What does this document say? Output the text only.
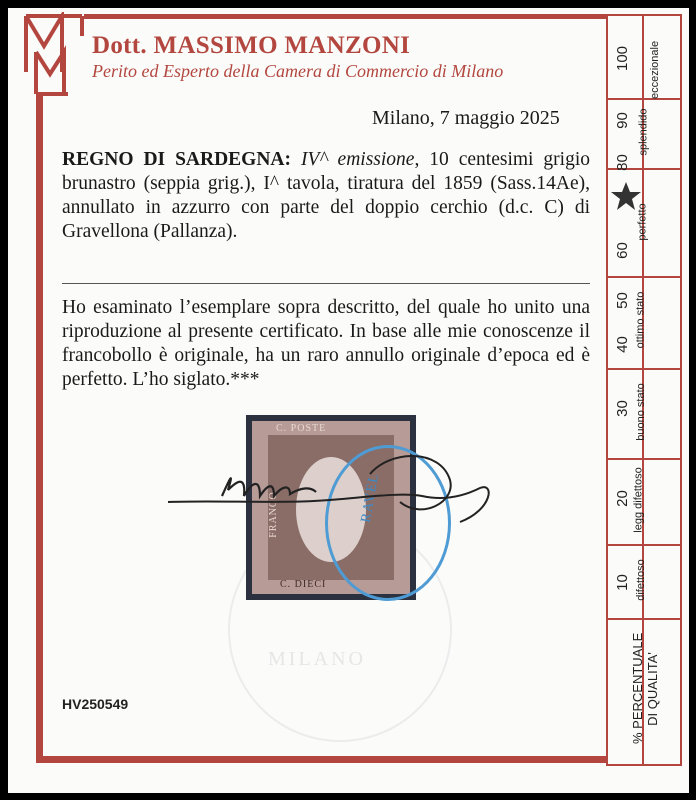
Dott. MASSIMO MANZONI
Perito ed Esperto della Camera di Commercio di Milano
Milano, 7 maggio 2025
REGNO DI SARDEGNA: IV^ emissione, 10 centesimi grigio brunastro (seppia grig.), I^ tavola, tiratura del 1859 (Sass.14Ae), annullato in azzurro con parte del doppio cerchio (d.c. C) di Gravellona (Pallanza).
Ho esaminato l’esemplare sopra descritto, del quale ho unito una riproduzione al presente certificato. In base alle mie conoscenze il francobollo è originale, ha un raro annullo originale d’epoca ed è perfetto. L’ho siglato.***
MILANO
C. POSTE
C. DIECI
FRANCO	RAVEL
HV250549
100
90
80
60
50
40
30
20
10
eccezionale
splendido
perfetto
ottimo stato
buono stato
legg difettoso
difettoso
% PERCENTUALE DI QUALITA'
